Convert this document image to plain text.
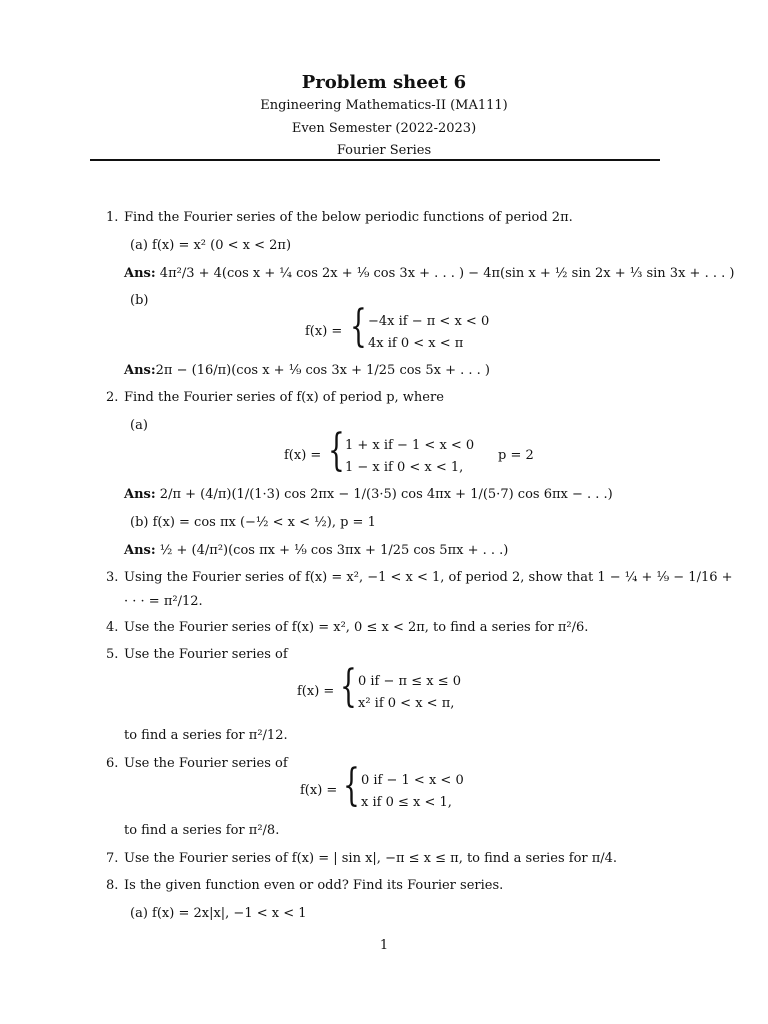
Problem sheet 6
Engineering Mathematics-II (MA111)
Even Semester (2022-2023)
Fourier Series
1. Find the Fourier series of the below periodic functions of period 2π.
(a) f(x) = x² (0 < x < 2π)
Ans: 4π²/3 + 4(cos x + ¼ cos 2x + ⅑ cos 3x + . . . ) − 4π(sin x + ½ sin 2x + ⅓ sin 3x + . . . )
(b)
f(x) = { −4x if − π < x < 0
4x if 0 < x < π
Ans:2π − (16/π)(cos x + ⅑ cos 3x + 1/25 cos 5x + . . . )
2. Find the Fourier series of f(x) of period p, where
(a)
f(x) = { 1 + x if − 1 < x < 0
1 − x if 0 < x < 1,
p = 2
Ans: 2/π + (4/π)(1/(1·3) cos 2πx − 1/(3·5) cos 4πx + 1/(5·7) cos 6πx − . . .)
(b) f(x) = cos πx (−½ < x < ½), p = 1
Ans: ½ + (4/π²)(cos πx + ⅑ cos 3πx + 1/25 cos 5πx + . . .)
3. Using the Fourier series of f(x) = x², −1 < x < 1, of period 2, show that 1 − ¼ + ⅑ − 1/16 +
· · · = π²/12.
4. Use the Fourier series of f(x) = x², 0 ≤ x < 2π, to find a series for π²/6.
5. Use the Fourier series of
f(x) = { 0 if − π ≤ x ≤ 0
x² if 0 < x < π,
to find a series for π²/12.
6. Use the Fourier series of
f(x) = { 0 if − 1 < x < 0
x if 0 ≤ x < 1,
to find a series for π²/8.
7. Use the Fourier series of f(x) = | sin x|, −π ≤ x ≤ π, to find a series for π/4.
8. Is the given function even or odd? Find its Fourier series.
(a) f(x) = 2x|x|, −1 < x < 1
1
